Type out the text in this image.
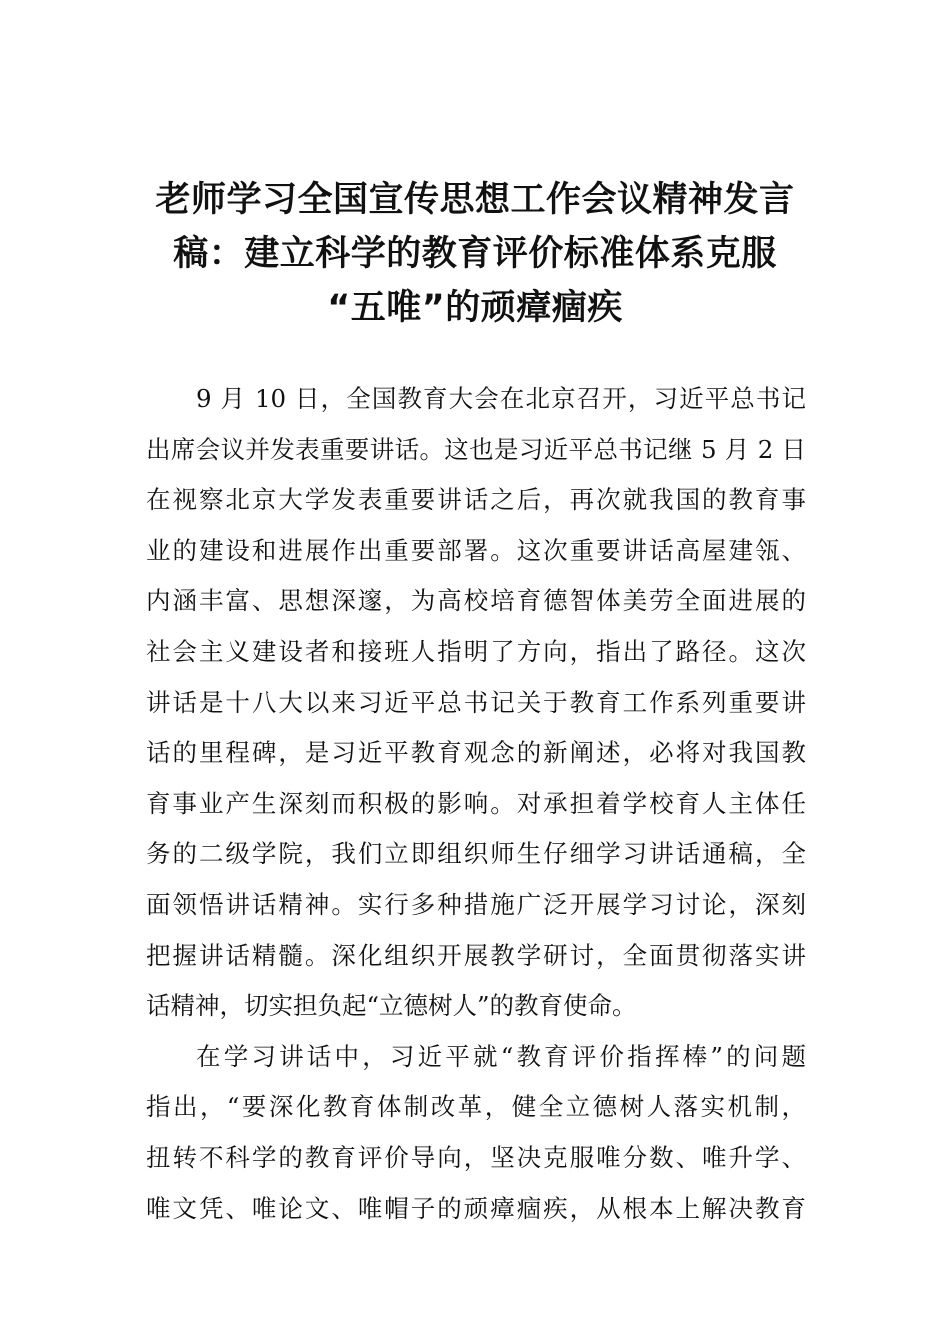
老师学习全国宣传思想工作会议精神发言
稿：建立科学的教育评价标准体系克服
“五唯”的顽瘴痼疾
9 月 10 日，全国教育大会在北京召开，习近平总书记
出席会议并发表重要讲话。这也是习近平总书记继 5 月 2 日
在视察北京大学发表重要讲话之后，再次就我国的教育事
业的建设和进展作出重要部署。这次重要讲话高屋建瓴、
内涵丰富、思想深邃，为高校培育德智体美劳全面进展的
社会主义建设者和接班人指明了方向，指出了路径。这次
讲话是十八大以来习近平总书记关于教育工作系列重要讲
话的里程碑，是习近平教育观念的新阐述，必将对我国教
育事业产生深刻而积极的影响。对承担着学校育人主体任
务的二级学院，我们立即组织师生仔细学习讲话通稿，全
面领悟讲话精神。实行多种措施广泛开展学习讨论，深刻
把握讲话精髓。深化组织开展教学研讨，全面贯彻落实讲
话精神，切实担负起“立德树人”的教育使命。
在学习讲话中，习近平就“教育评价指挥棒”的问题
指出，“要深化教育体制改革，健全立德树人落实机制，
扭转不科学的教育评价导向，坚决克服唯分数、唯升学、
唯文凭、唯论文、唯帽子的顽瘴痼疾，从根本上解决教育
